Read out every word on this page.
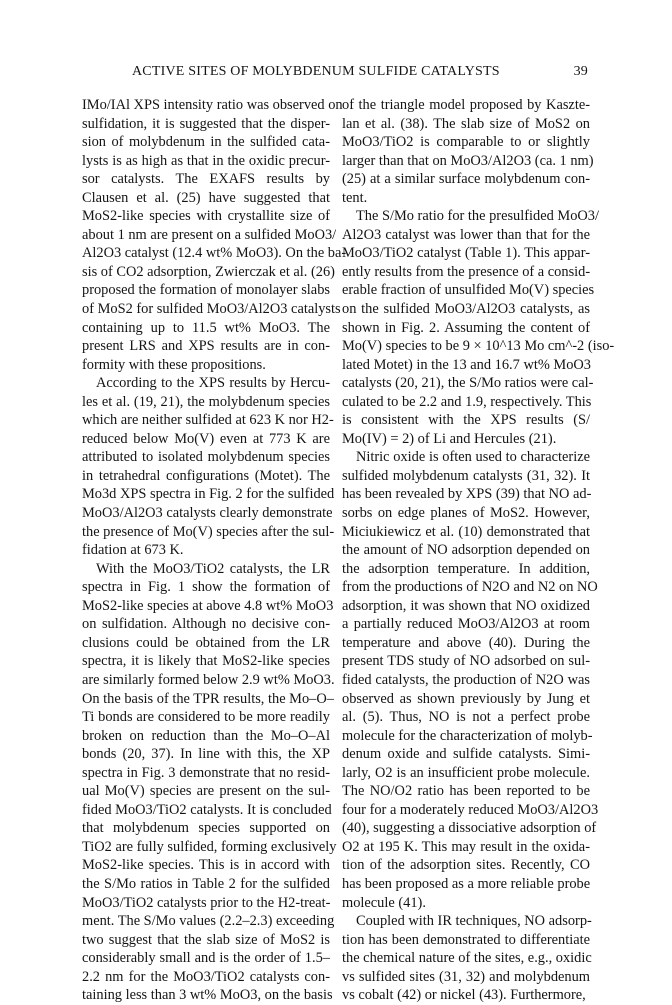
ACTIVE SITES OF MOLYBDENUM SULFIDE CATALYSTS	39
IMo/IAl XPS intensity ratio was observed on
sulfidation, it is suggested that the disper-
sion of molybdenum in the sulfided cata-
lysts is as high as that in the oxidic precur-
sor catalysts. The EXAFS results by
Clausen et al. (25) have suggested that
MoS2-like species with crystallite size of
about 1 nm are present on a sulfided MoO3/
Al2O3 catalyst (12.4 wt% MoO3). On the ba-
sis of CO2 adsorption, Zwierczak et al. (26)
proposed the formation of monolayer slabs
of MoS2 for sulfided MoO3/Al2O3 catalysts
containing up to 11.5 wt% MoO3. The
present LRS and XPS results are in con-
formity with these propositions.
According to the XPS results by Hercu-
les et al. (19, 21), the molybdenum species
which are neither sulfided at 623 K nor H2-
reduced below Mo(V) even at 773 K are
attributed to isolated molybdenum species
in tetrahedral configurations (Motet). The
Mo3d XPS spectra in Fig. 2 for the sulfided
MoO3/Al2O3 catalysts clearly demonstrate
the presence of Mo(V) species after the sul-
fidation at 673 K.
With the MoO3/TiO2 catalysts, the LR
spectra in Fig. 1 show the formation of
MoS2-like species at above 4.8 wt% MoO3
on sulfidation. Although no decisive con-
clusions could be obtained from the LR
spectra, it is likely that MoS2-like species
are similarly formed below 2.9 wt% MoO3.
On the basis of the TPR results, the Mo–O–
Ti bonds are considered to be more readily
broken on reduction than the Mo–O–Al
bonds (20, 37). In line with this, the XP
spectra in Fig. 3 demonstrate that no resid-
ual Mo(V) species are present on the sul-
fided MoO3/TiO2 catalysts. It is concluded
that molybdenum species supported on
TiO2 are fully sulfided, forming exclusively
MoS2-like species. This is in accord with
the S/Mo ratios in Table 2 for the sulfided
MoO3/TiO2 catalysts prior to the H2-treat-
ment. The S/Mo values (2.2–2.3) exceeding
two suggest that the slab size of MoS2 is
considerably small and is the order of 1.5–
2.2 nm for the MoO3/TiO2 catalysts con-
taining less than 3 wt% MoO3, on the basis
of the triangle model proposed by Kaszte-
lan et al. (38). The slab size of MoS2 on
MoO3/TiO2 is comparable to or slightly
larger than that on MoO3/Al2O3 (ca. 1 nm)
(25) at a similar surface molybdenum con-
tent.
The S/Mo ratio for the presulfided MoO3/
Al2O3 catalyst was lower than that for the
MoO3/TiO2 catalyst (Table 1). This appar-
ently results from the presence of a consid-
erable fraction of unsulfided Mo(V) species
on the sulfided MoO3/Al2O3 catalysts, as
shown in Fig. 2. Assuming the content of
Mo(V) species to be 9 × 10^13 Mo cm^-2 (iso-
lated Motet) in the 13 and 16.7 wt% MoO3
catalysts (20, 21), the S/Mo ratios were cal-
culated to be 2.2 and 1.9, respectively. This
is consistent with the XPS results (S/
Mo(IV) = 2) of Li and Hercules (21).
Nitric oxide is often used to characterize
sulfided molybdenum catalysts (31, 32). It
has been revealed by XPS (39) that NO ad-
sorbs on edge planes of MoS2. However,
Miciukiewicz et al. (10) demonstrated that
the amount of NO adsorption depended on
the adsorption temperature. In addition,
from the productions of N2O and N2 on NO
adsorption, it was shown that NO oxidized
a partially reduced MoO3/Al2O3 at room
temperature and above (40). During the
present TDS study of NO adsorbed on sul-
fided catalysts, the production of N2O was
observed as shown previously by Jung et
al. (5). Thus, NO is not a perfect probe
molecule for the characterization of molyb-
denum oxide and sulfide catalysts. Simi-
larly, O2 is an insufficient probe molecule.
The NO/O2 ratio has been reported to be
four for a moderately reduced MoO3/Al2O3
(40), suggesting a dissociative adsorption of
O2 at 195 K. This may result in the oxida-
tion of the adsorption sites. Recently, CO
has been proposed as a more reliable probe
molecule (41).
Coupled with IR techniques, NO adsorp-
tion has been demonstrated to differentiate
the chemical nature of the sites, e.g., oxidic
vs sulfided sites (31, 32) and molybdenum
vs cobalt (42) or nickel (43). Furthermore,
